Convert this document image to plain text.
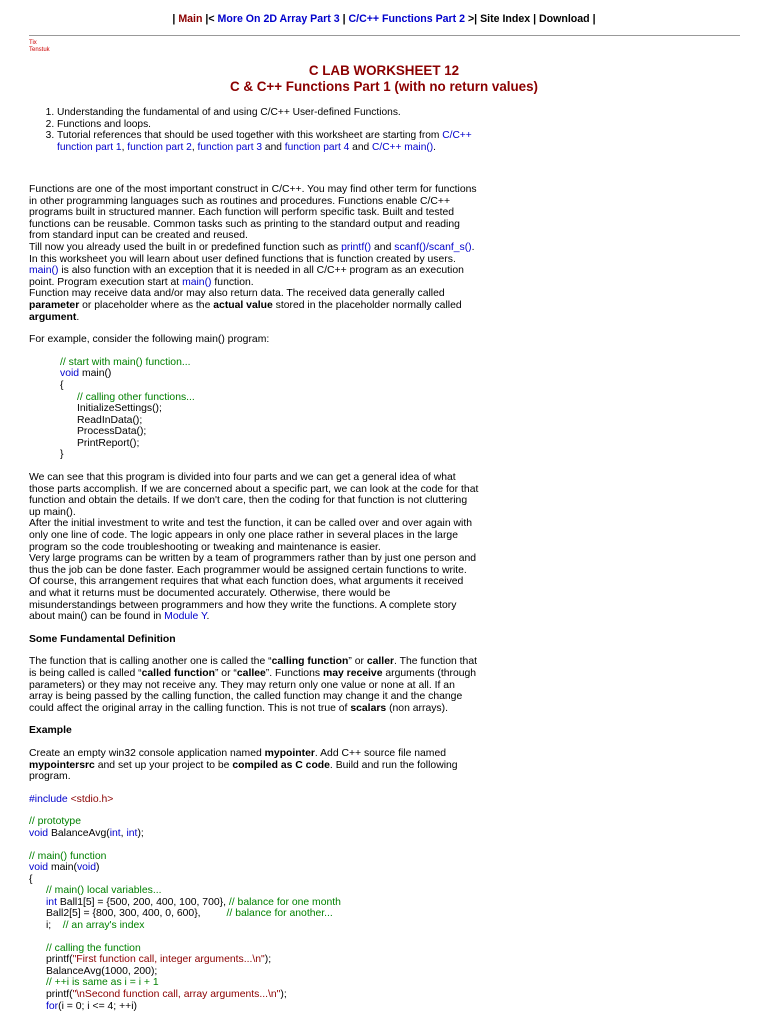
| Main |< More On 2D Array Part 3 | C/C++ Functions Part 2 >| Site Index | Download |
Tix
Tenstuk
C LAB WORKSHEET 12
C & C++ Functions Part 1 (with no return values)
1. Understanding the fundamental of and using C/C++ User-defined Functions.
2. Functions and loops.
3. Tutorial references that should be used together with this worksheet are starting from C/C++ function part 1, function part 2, function part 3 and function part 4 and C/C++ main().

Functions are one of the most important construct in C/C++. You may find other term for functions in other programming languages such as routines and procedures. Functions enable C/C++ programs built in structured manner. Each function will perform specific task. Built and tested functions can be reusable. Common tasks such as printing to the standard output and reading from standard input can be created and reused.
Till now you already used the built in or predefined function such as printf() and scanf()/scanf_s().
In this worksheet you will learn about user defined functions that is function created by users.
main() is also function with an exception that it is needed in all C/C++ program as an execution point. Program execution start at main() function.
Function may receive data and/or may also return data. The received data generally called parameter or placeholder where as the actual value stored in the placeholder normally called argument.

For example, consider the following main() program:

// start with main() function...
void main()
{
// calling other functions...
InitializeSettings();
ReadInData();
ProcessData();
PrintReport();
}

We can see that this program is divided into four parts and we can get a general idea of what those parts accomplish. If we are concerned about a specific part, we can look at the code for that function and obtain the details. If we don't care, then the coding for that function is not cluttering up main().
After the initial investment to write and test the function, it can be called over and over again with only one line of code. The logic appears in only one place rather in several places in the large program so the code troubleshooting or tweaking and maintenance is easier.
Very large programs can be written by a team of programmers rather than by just one person and thus the job can be done faster. Each programmer would be assigned certain functions to write.
Of course, this arrangement requires that what each function does, what arguments it received and what it returns must be documented accurately. Otherwise, there would be misunderstandings between programmers and how they write the functions. A complete story about main() can be found in Module Y.

Some Fundamental Definition

The function that is calling another one is called the “calling function” or caller. The function that is being called is called “called function” or “callee”. Functions may receive arguments (through parameters) or they may not receive any. They may return only one value or none at all. If an array is being passed by the calling function, the called function may change it and the change could affect the original array in the calling function. This is not true of scalars (non arrays).

Example

Create an empty win32 console application named mypointer. Add C++ source file named mypointersrc and set up your project to be compiled as C code. Build and run the following program.

#include <stdio.h>
// prototype
void BalanceAvg(int, int);
// main() function
void main(void)
{
// main() local variables...
int Ball1[5] = {500, 200, 400, 100, 700}, // balance for one month
Ball2[5] = {800, 300, 400, 0, 600}, // balance for another...
i; // an array's index
// calling the function
printf("First function call, integer arguments...\n");
BalanceAvg(1000, 200);
// ++i is same as i = i + 1
printf("\nSecond function call, array arguments...\n");
for(i = 0; i <= 4; ++i)
